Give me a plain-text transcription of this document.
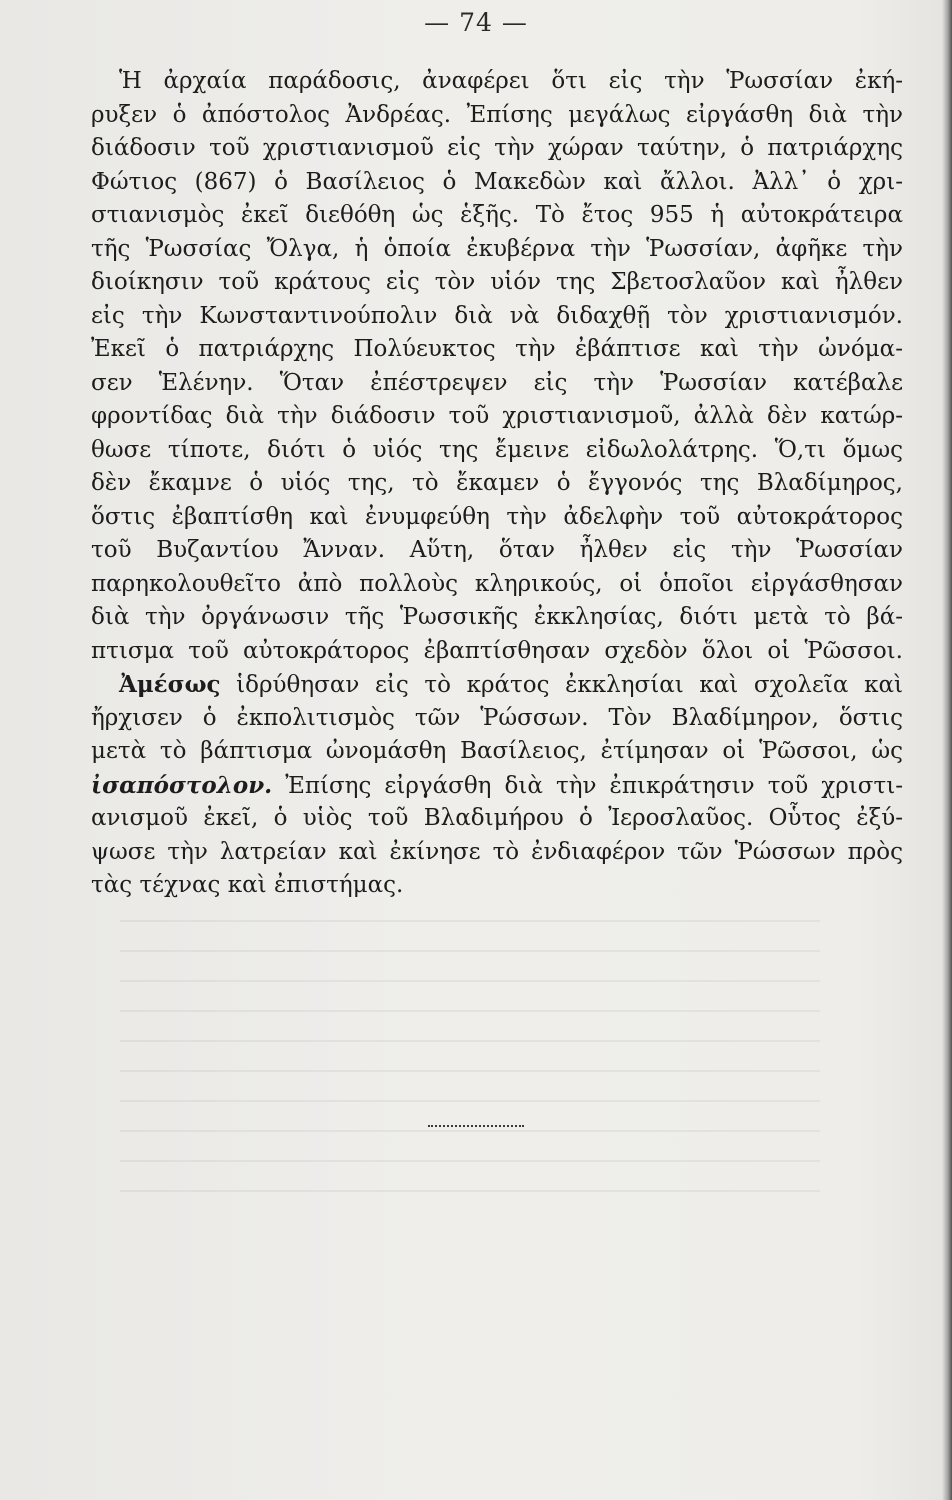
— 74 —
Ἡ ἀρχαία παράδοσις, ἀναφέρει ὅτι εἰς τὴν Ῥωσσίαν ἐκή-
ρυξεν ὁ ἀπόστολος Ἀνδρέας. Ἐπίσης μεγάλως εἰργάσθη διὰ τὴν
διάδοσιν τοῦ χριστιανισμοῦ εἰς τὴν χώραν ταύτην, ὁ πατριάρχης
Φώτιος (867) ὁ Βασίλειος ὁ Μακεδὼν καὶ ἄλλοι. Ἀλλ᾽ ὁ χρι-
στιανισμὸς ἐκεῖ διεθόθη ὡς ἑξῆς. Τὸ ἔτος 955 ἡ αὐτοκράτειρα
τῆς Ῥωσσίας Ὄλγα, ἡ ὁποία ἐκυβέρνα τὴν Ῥωσσίαν, ἀφῆκε τὴν
διοίκησιν τοῦ κράτους εἰς τὸν υἱόν της Σβετοσλαῦον καὶ ἦλθεν
εἰς τὴν Κωνσταντινούπολιν διὰ νὰ διδαχθῇ τὸν χριστιανισμόν.
Ἐκεῖ ὁ πατριάρχης Πολύευκτος τὴν ἐβάπτισε καὶ τὴν ὠνόμα-
σεν Ἑλένην. Ὅταν ἐπέστρεψεν εἰς τὴν Ῥωσσίαν κατέβαλε
φροντίδας διὰ τὴν διάδοσιν τοῦ χριστιανισμοῦ, ἀλλὰ δὲν κατώρ-
θωσε τίποτε, διότι ὁ υἱός της ἔμεινε εἰδωλολάτρης. Ὅ,τι ὅμως
δὲν ἔκαμνε ὁ υἱός της, τὸ ἔκαμεν ὁ ἔγγονός της Βλαδίμηρος,
ὅστις ἐβαπτίσθη καὶ ἐνυμφεύθη τὴν ἀδελφὴν τοῦ αὐτοκράτορος
τοῦ Βυζαντίου Ἄνναν. Αὕτη, ὅταν ἦλθεν εἰς τὴν Ῥωσσίαν
παρηκολουθεῖτο ἀπὸ πολλοὺς κληρικούς, οἱ ὁποῖοι εἰργάσθησαν
διὰ τὴν ὀργάνωσιν τῆς Ῥωσσικῆς ἐκκλησίας, διότι μετὰ τὸ βά-
πτισμα τοῦ αὐτοκράτορος ἐβαπτίσθησαν σχεδὸν ὅλοι οἱ Ῥῶσσοι.
Ἀμέσως ἱδρύθησαν εἰς τὸ κράτος ἐκκλησίαι καὶ σχολεῖα καὶ
ἤρχισεν ὁ ἐκπολιτισμὸς τῶν Ῥώσσων. Τὸν Βλαδίμηρον, ὅστις
μετὰ τὸ βάπτισμα ὠνομάσθη Βασίλειος, ἐτίμησαν οἱ Ῥῶσσοι, ὡς
ἰσαπόστολον. Ἐπίσης εἰργάσθη διὰ τὴν ἐπικράτησιν τοῦ χριστι-
ανισμοῦ ἐκεῖ, ὁ υἱὸς τοῦ Βλαδιμήρου ὁ Ἰεροσλαῦος. Οὗτος ἐξύ-
ψωσε τὴν λατρείαν καὶ ἐκίνησε τὸ ἐνδιαφέρον τῶν Ῥώσσων πρὸς
τὰς τέχνας καὶ ἐπιστήμας.
